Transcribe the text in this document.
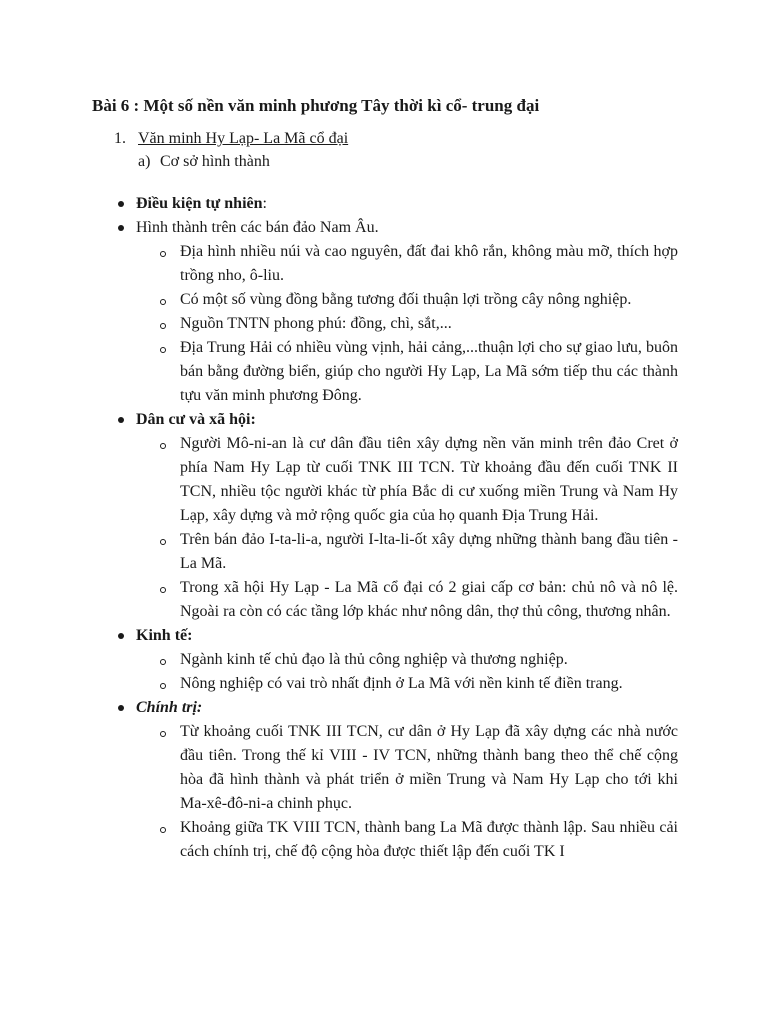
Bài 6 : Một số nền văn minh phương Tây thời kì cổ- trung đại
1. Văn minh Hy Lạp- La Mã cổ đại
a) Cơ sở hình thành
Điều kiện tự nhiên:
Hình thành trên các bán đảo Nam Âu.
Địa hình nhiều núi và cao nguyên, đất đai khô rắn, không màu mỡ, thích hợp trồng nho, ô-liu.
Có một số vùng đồng bằng tương đối thuận lợi trồng cây nông nghiệp.
Nguồn TNTN phong phú: đồng, chì, sắt,...
Địa Trung Hải có nhiều vùng vịnh, hải cảng,...thuận lợi cho sự giao lưu, buôn bán bằng đường biển, giúp cho người Hy Lạp, La Mã sớm tiếp thu các thành tựu văn minh phương Đông.
Dân cư và xã hội:
Người Mô-ni-an là cư dân đầu tiên xây dựng nền văn minh trên đảo Cret ở phía Nam Hy Lạp từ cuối TNK III TCN. Từ khoảng đầu đến cuối TNK II TCN, nhiều tộc người khác từ phía Bắc di cư xuống miền Trung và Nam Hy Lạp, xây dựng và mở rộng quốc gia của họ quanh Địa Trung Hải.
Trên bán đảo I-ta-li-a, người I-lta-li-ốt xây dựng những thành bang đầu tiên - La Mã.
Trong xã hội Hy Lạp - La Mã cổ đại có 2 giai cấp cơ bản: chủ nô và nô lệ. Ngoài ra còn có các tầng lớp khác như nông dân, thợ thủ công, thương nhân.
Kinh tế:
Ngành kinh tế chủ đạo là thủ công nghiệp và thương nghiệp.
Nông nghiệp có vai trò nhất định ở La Mã với nền kinh tế điền trang.
Chính trị:
Từ khoảng cuối TNK III TCN, cư dân ở Hy Lạp đã xây dựng các nhà nước đầu tiên. Trong thế kỉ VIII - IV TCN, những thành bang theo thể chế cộng hòa đã hình thành và phát triển ở miền Trung và Nam Hy Lạp cho tới khi Ma-xê-đô-ni-a chinh phục.
Khoảng giữa TK VIII TCN, thành bang La Mã được thành lập. Sau nhiều cải cách chính trị, chế độ cộng hòa được thiết lập đến cuối TK I
